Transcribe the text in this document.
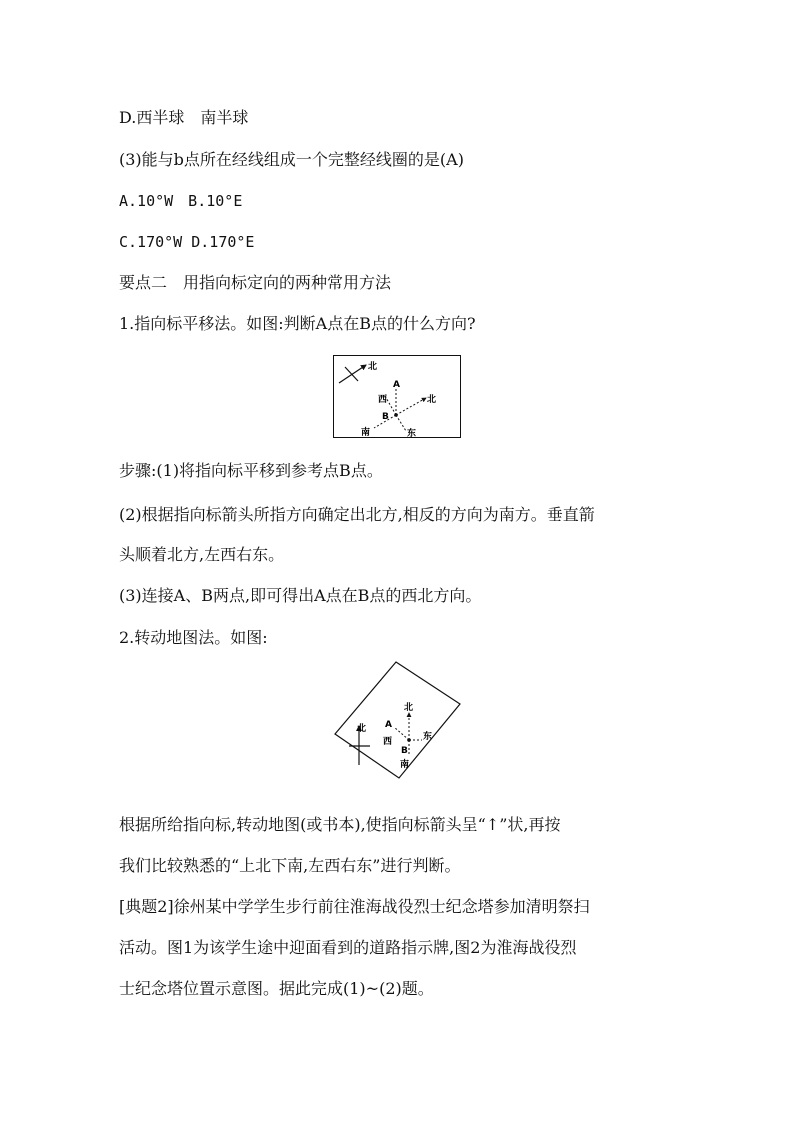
D.西半球　南半球
(3)能与b点所在经线组成一个完整经线圈的是(A)
A.10°W　B.10°E
C.170°W D.170°E
要点二　用指向标定向的两种常用方法
1.指向标平移法。如图:判断A点在B点的什么方向?
北
A
西	北
B
南	东
步骤:(1)将指向标平移到参考点B点。
(2)根据指向标箭头所指方向确定出北方,相反的方向为南方。垂直箭
头顺着北方,左西右东。
(3)连接A、B两点,即可得出A点在B点的西北方向。
2.转动地图法。如图:
北
北
A
西	东
B
南
根据所给指向标,转动地图(或书本),使指向标箭头呈“↑”状,再按
我们比较熟悉的“上北下南,左西右东”进行判断。
[典题2]徐州某中学学生步行前往淮海战役烈士纪念塔参加清明祭扫
活动。图1为该学生途中迎面看到的道路指示牌,图2为淮海战役烈
士纪念塔位置示意图。据此完成(1)~(2)题。
